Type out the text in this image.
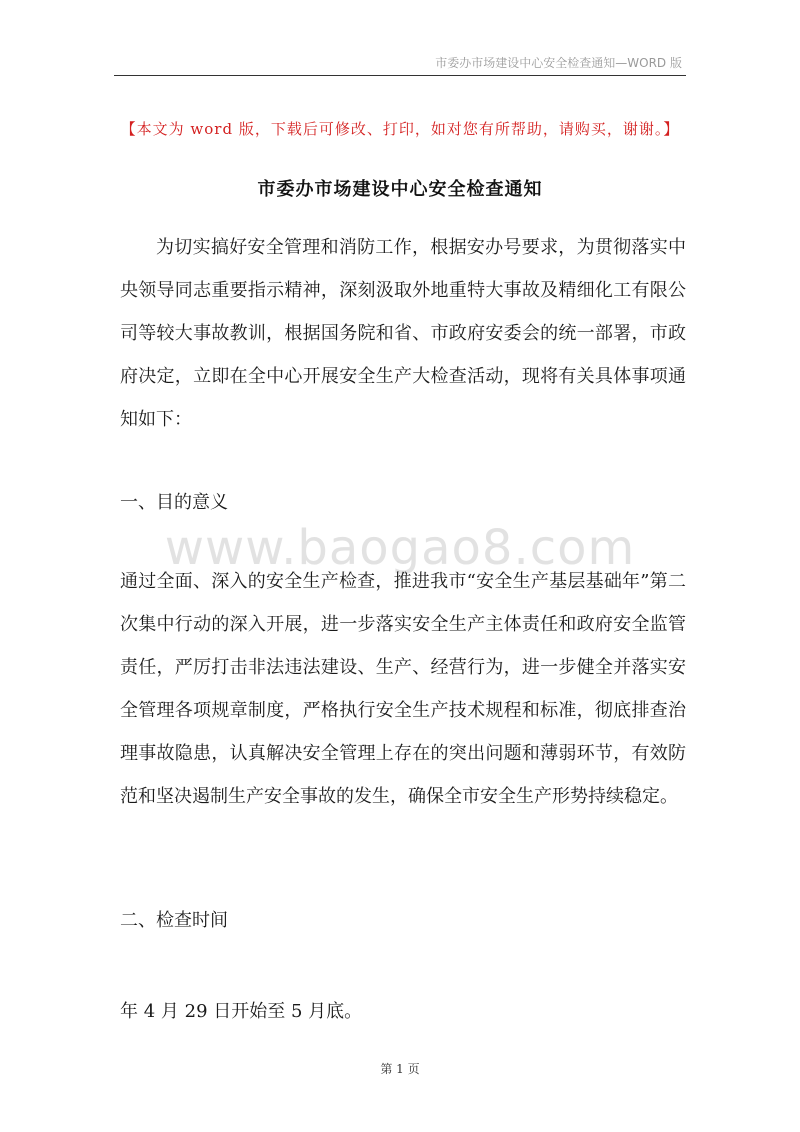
市委办市场建设中心安全检查通知—WORD 版
【本文为 word 版，下载后可修改、打印，如对您有所帮助，请购买，谢谢。】
市委办市场建设中心安全检查通知

为切实搞好安全管理和消防工作，根据安办号要求，为贯彻落实中央领导同志重要指示精神，深刻汲取外地重特大事故及精细化工有限公司等较大事故教训，根据国务院和省、市政府安委会的统一部署，市政府决定，立即在全中心开展安全生产大检查活动，现将有关具体事项通知如下：

一、目的意义
www.baogao8.com

通过全面、深入的安全生产检查，推进我市“安全生产基层基础年”第二次集中行动的深入开展，进一步落实安全生产主体责任和政府安全监管责任，严厉打击非法违法建设、生产、经营行为，进一步健全并落实安全管理各项规章制度，严格执行安全生产技术规程和标准，彻底排查治理事故隐患，认真解决安全管理上存在的突出问题和薄弱环节，有效防范和坚决遏制生产安全事故的发生，确保全市安全生产形势持续稳定。

二、检查时间

年 4 月 29 日开始至 5 月底。

第 1 页
